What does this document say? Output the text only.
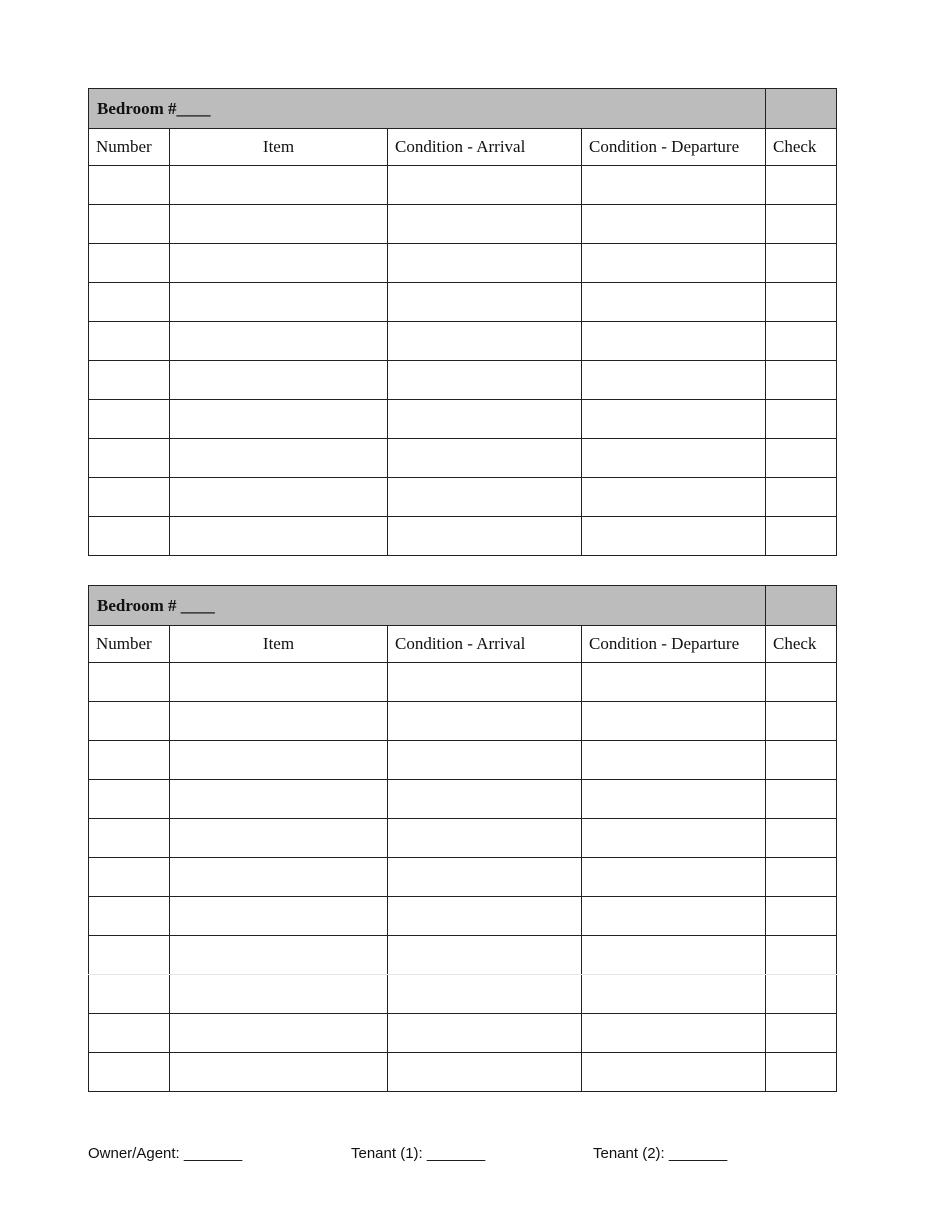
Bedroom #____				
Number	Item	Condition - Arrival	Condition - Departure	Check

Bedroom # ____				
Number	Item	Condition - Arrival	Condition - Departure	Check

Owner/Agent: _______	Tenant (1): _______	Tenant (2): _______
